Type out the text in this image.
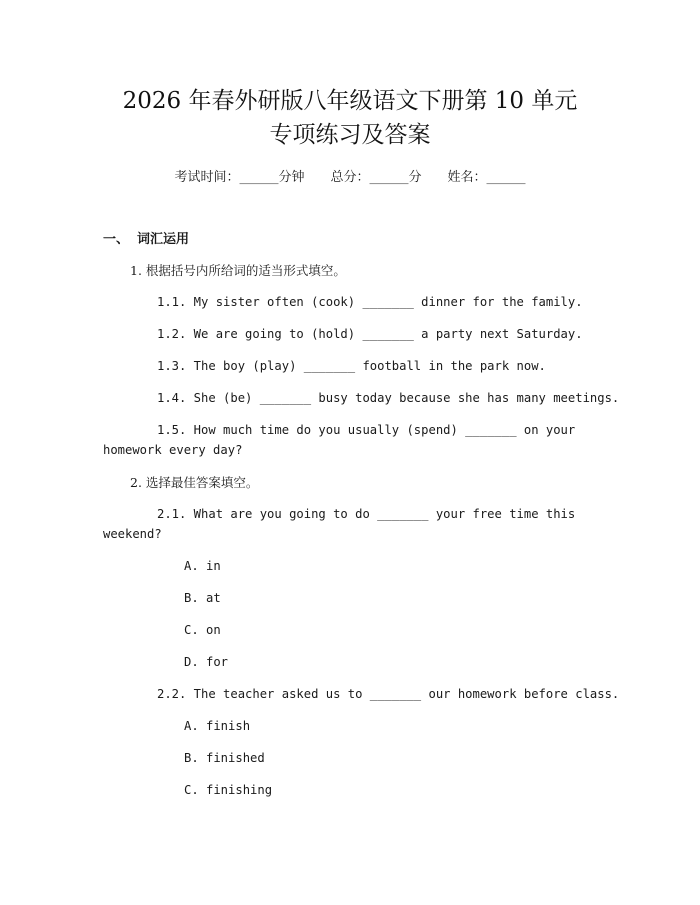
2026 年春外研版八年级语文下册第 10 单元
专项练习及答案
考试时间：______分钟 总分：______分 姓名：______
一、 词汇运用
1. 根据括号内所给词的适当形式填空。
1.1. My sister often (cook) _______ dinner for the family.
1.2. We are going to (hold) _______ a party next Saturday.
1.3. The boy (play) _______ football in the park now.
1.4. She (be) _______ busy today because she has many meetings.
1.5. How much time do you usually (spend) _______ on your
homework every day?
2. 选择最佳答案填空。
2.1. What are you going to do _______ your free time this
weekend?
A. in
B. at
C. on
D. for
2.2. The teacher asked us to _______ our homework before class.
A. finish
B. finished
C. finishing
